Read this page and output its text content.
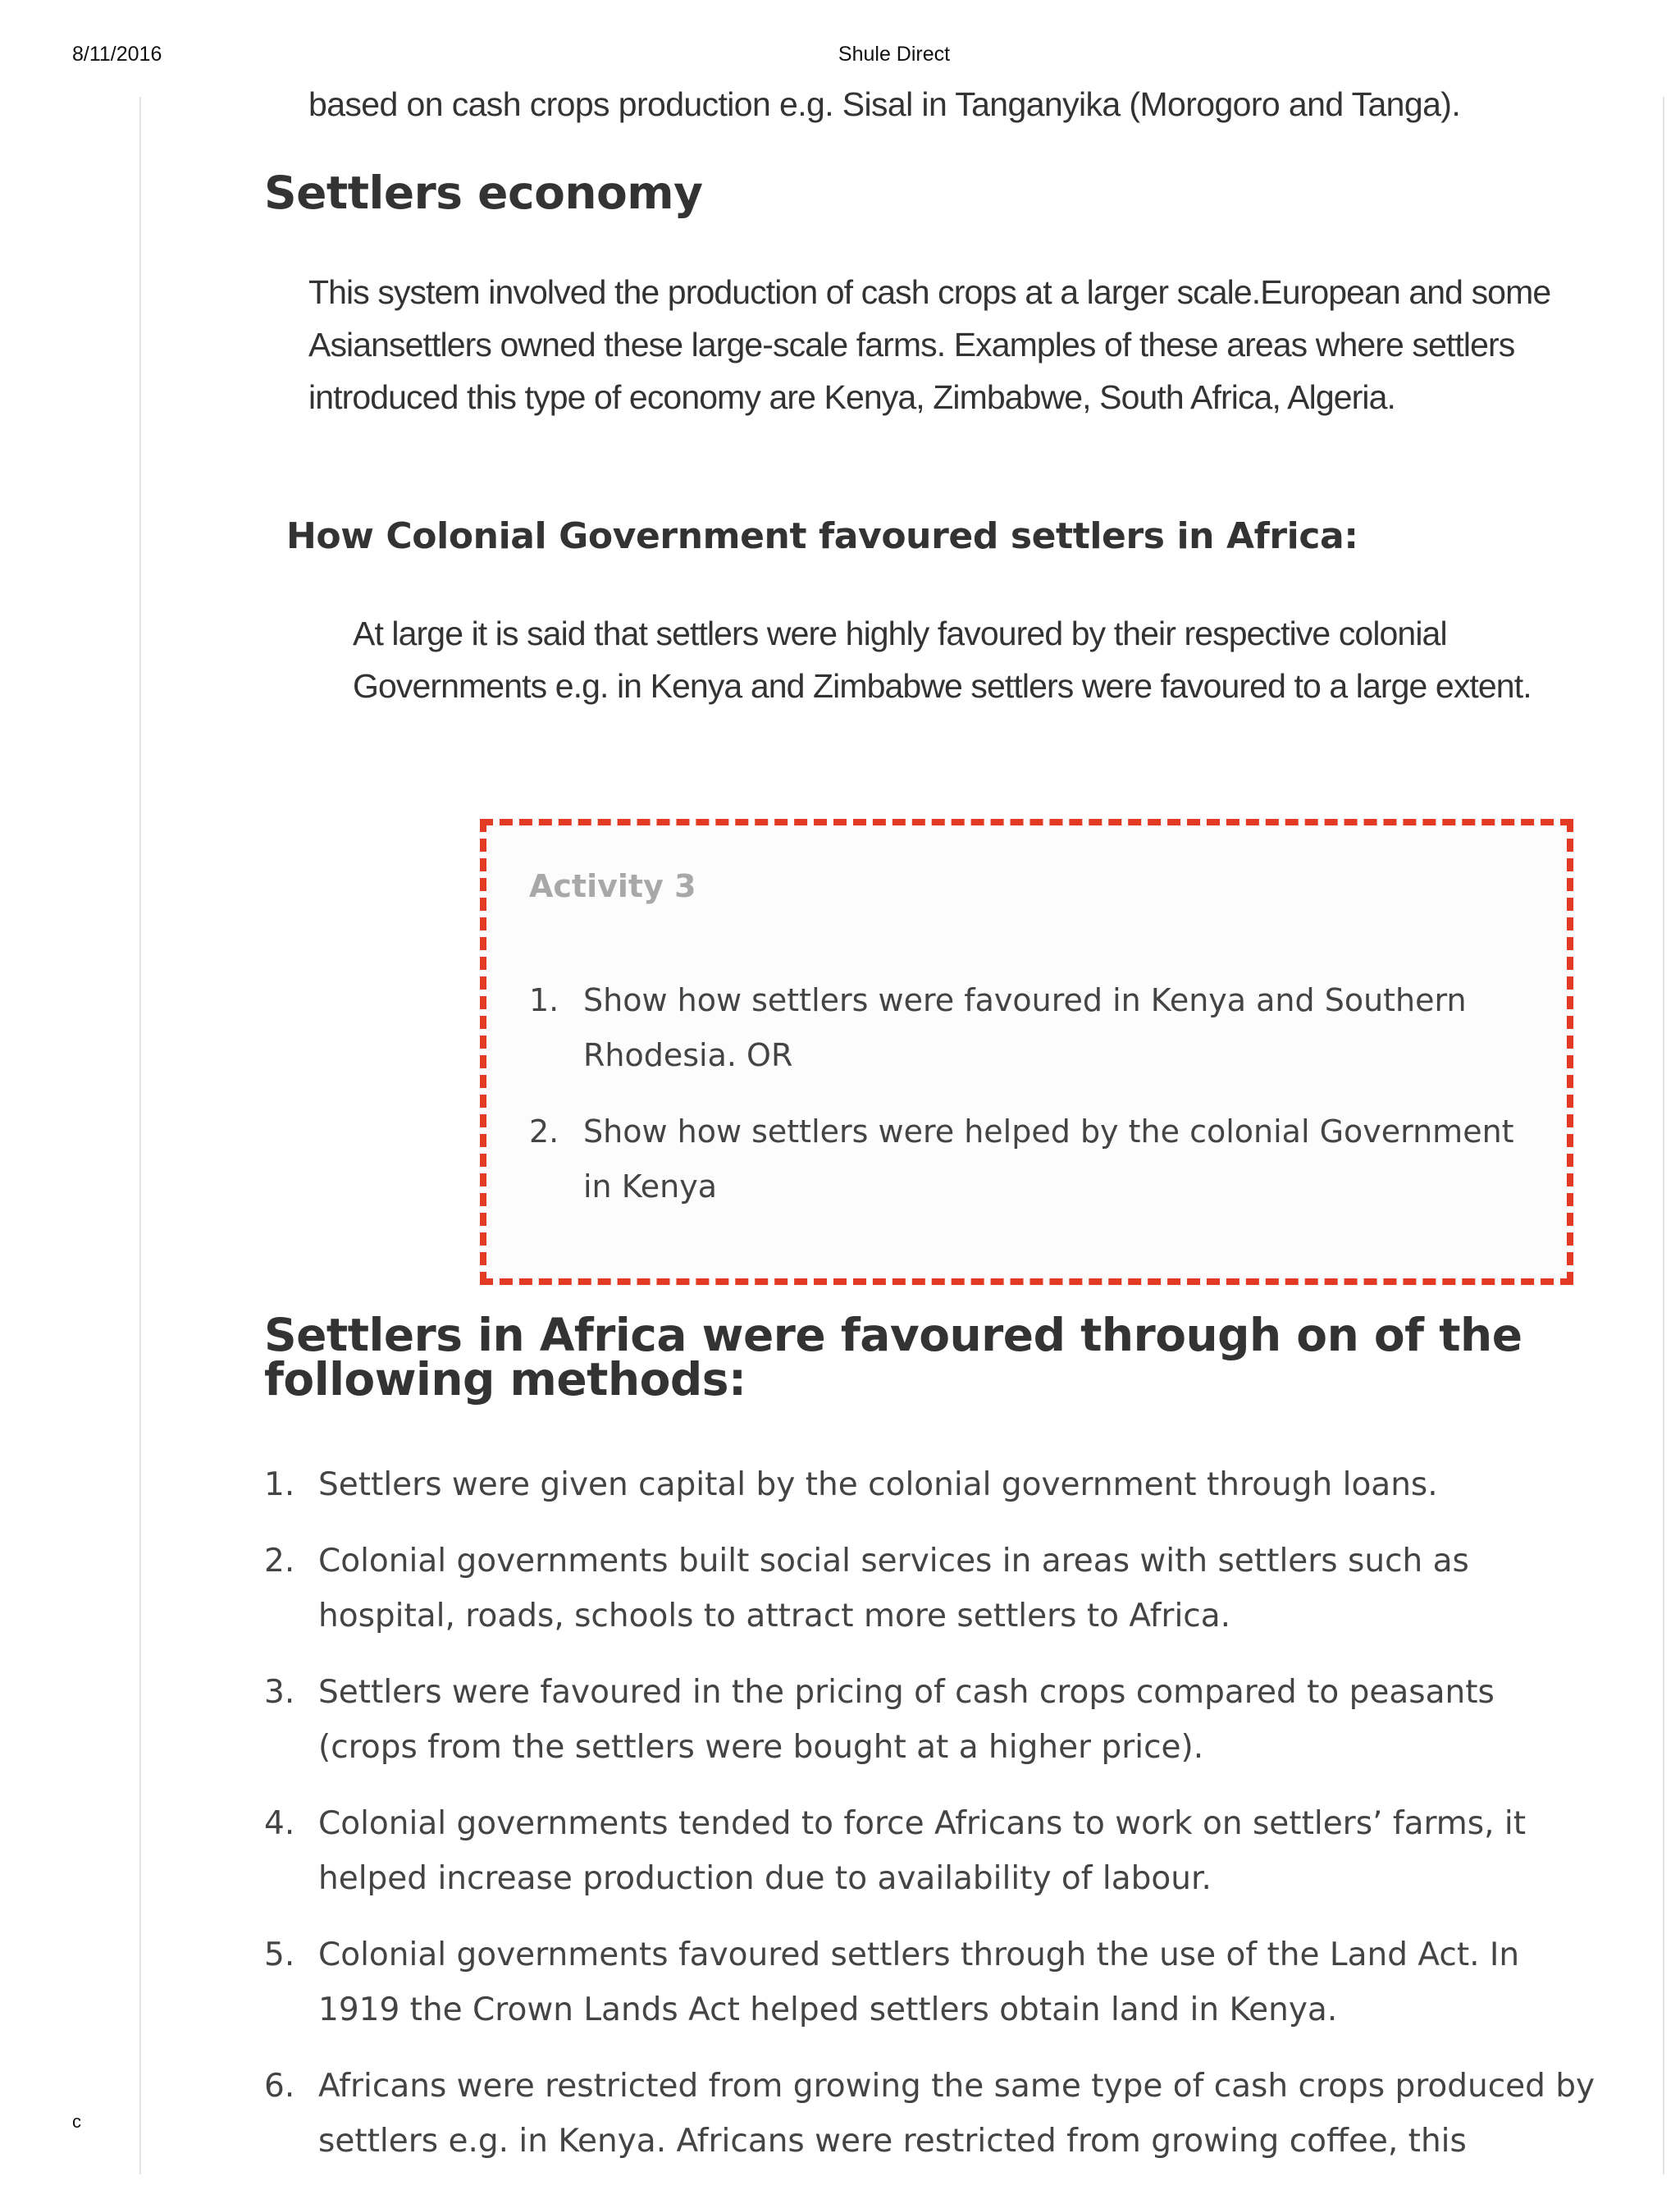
8/11/2016	Shule Direct
based on cash crops production e.g. Sisal in Tanganyika (Morogoro and Tanga).
Settlers economy

This system involved the production of cash crops at a larger scale.European and some Asiansettlers owned these large-scale farms. Examples of these areas where settlers introduced this type of economy are Kenya, Zimbabwe, South Africa, Algeria.

How Colonial Government favoured settlers in Africa:

At large it is said that settlers were highly favoured by their respective colonial Governments e.g. in Kenya and Zimbabwe settlers were favoured to a large extent.

Activity 3
1. Show how settlers were favoured in Kenya and Southern Rhodesia. OR
2. Show how settlers were helped by the colonial Government in Kenya
Settlers in Africa were favoured through on of the following methods:
1. Settlers were given capital by the colonial government through loans.
2. Colonial governments built social services in areas with settlers such as hospital, roads, schools to attract more settlers to Africa.
3. Settlers were favoured in the pricing of cash crops compared to peasants (crops from the settlers were bought at a higher price).
4. Colonial governments tended to force Africans to work on settlers’ farms, it helped increase production due to availability of labour.
5. Colonial governments favoured settlers through the use of the Land Act. In 1919 the Crown Lands Act helped settlers obtain land in Kenya.
6. Africans were restricted from growing the same type of cash crops produced by settlers e.g. in Kenya. Africans were restricted from growing coffee, this
c
